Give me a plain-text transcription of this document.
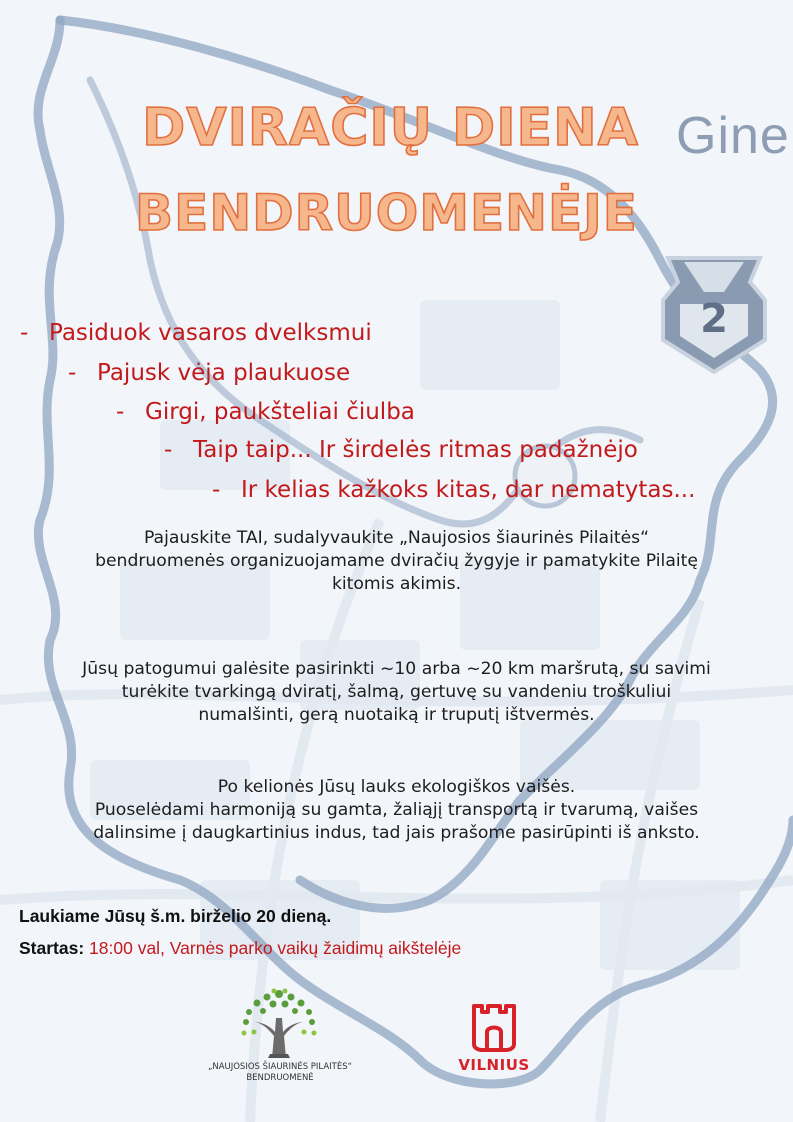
Gine
2
DVIRAČIŲ DIENA
BENDRUOMENĖJE
- Pasiduok vasaros dvelksmui
- Pajusk vėja plaukuose
- Girgi, paukšteliai čiulba
- Taip taip... Ir širdelės ritmas padažnėjo
- Ir kelias kažkoks kitas, dar nematytas...
Pajauskite TAI, sudalyvaukite „Naujosios šiaurinės Pilaitės“
bendruomenės organizuojamame dviračių žygyje ir pamatykite Pilaitę
kitomis akimis.
Jūsų patogumui galėsite pasirinkti ~10 arba ~20 km maršrutą, su savimi
turėkite tvarkingą dviratį, šalmą, gertuvę su vandeniu troškuliui
numalšinti, gerą nuotaiką ir truputį ištvermės.
Po kelionės Jūsų lauks ekologiškos vaišės.
Puoselėdami harmoniją su gamta, žaliąjį transportą ir tvarumą, vaišes
dalinsime į daugkartinius indus, tad jais prašome pasirūpinti iš anksto.
Laukiame Jūsų š.m. birželio 20 dieną.
Startas: 18:00 val, Varnės parko vaikų žaidimų aikštelėje
„NAUJOSIOS ŠIAURINĖS PILAITĖS“
BENDRUOMENĖ
VILNIUS
